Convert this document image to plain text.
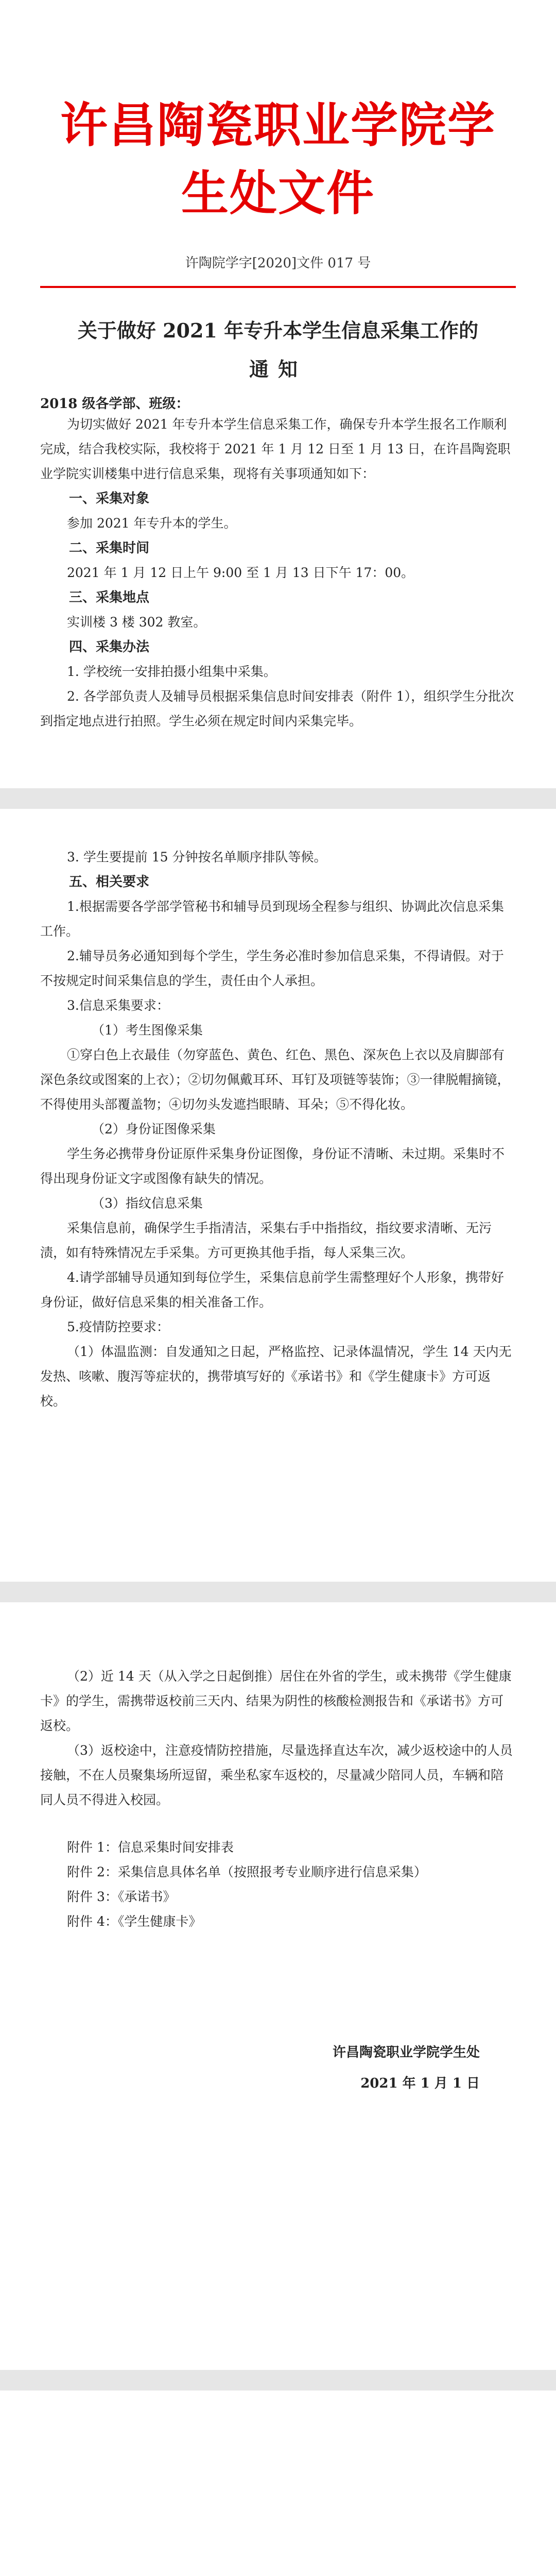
许昌陶瓷职业学院学生处文件
许陶院学字[2020]文件 017 号
关于做好 2021 年专升本学生信息采集工作的
通知
2018 级各学部、班级：

为切实做好 2021 年专升本学生信息采集工作，确保专升本学生报名工作顺利完成，结合我校实际，我校将于 2021 年 1 月 12 日至 1 月 13 日，在许昌陶瓷职业学院实训楼集中进行信息采集，现将有关事项通知如下：

一、采集对象

参加 2021 年专升本的学生。

二、采集时间

2021 年 1 月 12 日上午 9:00 至 1 月 13 日下午 17：00。

三、采集地点

实训楼 3 楼 302 教室。

四、采集办法

1. 学校统一安排拍摄小组集中采集。

2. 各学部负责人及辅导员根据采集信息时间安排表（附件 1），组织学生分批次到指定地点进行拍照。学生必须在规定时间内采集完毕。

3. 学生要提前 15 分钟按名单顺序排队等候。

五、相关要求

1.根据需要各学部学管秘书和辅导员到现场全程参与组织、协调此次信息采集工作。

2.辅导员务必通知到每个学生，学生务必准时参加信息采集，不得请假。对于不按规定时间采集信息的学生，责任由个人承担。

3.信息采集要求：

（1）考生图像采集

①穿白色上衣最佳（勿穿蓝色、黄色、红色、黑色、深灰色上衣以及肩脚部有深色条纹或图案的上衣）；②切勿佩戴耳环、耳钉及项链等装饰；③一律脱帽摘镜，不得使用头部覆盖物；④切勿头发遮挡眼睛、耳朵；⑤不得化妆。

（2）身份证图像采集

学生务必携带身份证原件采集身份证图像，身份证不清晰、未过期。采集时不得出现身份证文字或图像有缺失的情况。

（3）指纹信息采集

采集信息前，确保学生手指清洁，采集右手中指指纹，指纹要求清晰、无污渍，如有特殊情况左手采集。方可更换其他手指，每人采集三次。

4.请学部辅导员通知到每位学生，采集信息前学生需整理好个人形象，携带好身份证，做好信息采集的相关准备工作。

5.疫情防控要求：

（1）体温监测：自发通知之日起，严格监控、记录体温情况，学生 14 天内无发热、咳嗽、腹泻等症状的，携带填写好的《承诺书》和《学生健康卡》方可返校。

（2）近 14 天（从入学之日起倒推）居住在外省的学生，或未携带《学生健康卡》的学生，需携带返校前三天内、结果为阴性的核酸检测报告和《承诺书》方可返校。

（3）返校途中，注意疫情防控措施，尽量选择直达车次，减少返校途中的人员接触，不在人员聚集场所逗留，乘坐私家车返校的，尽量减少陪同人员，车辆和陪同人员不得进入校园。

附件 1：信息采集时间安排表

附件 2：采集信息具体名单（按照报考专业顺序进行信息采集）

附件 3：《承诺书》

附件 4：《学生健康卡》

许昌陶瓷职业学院学生处
2021 年 1 月 1 日
